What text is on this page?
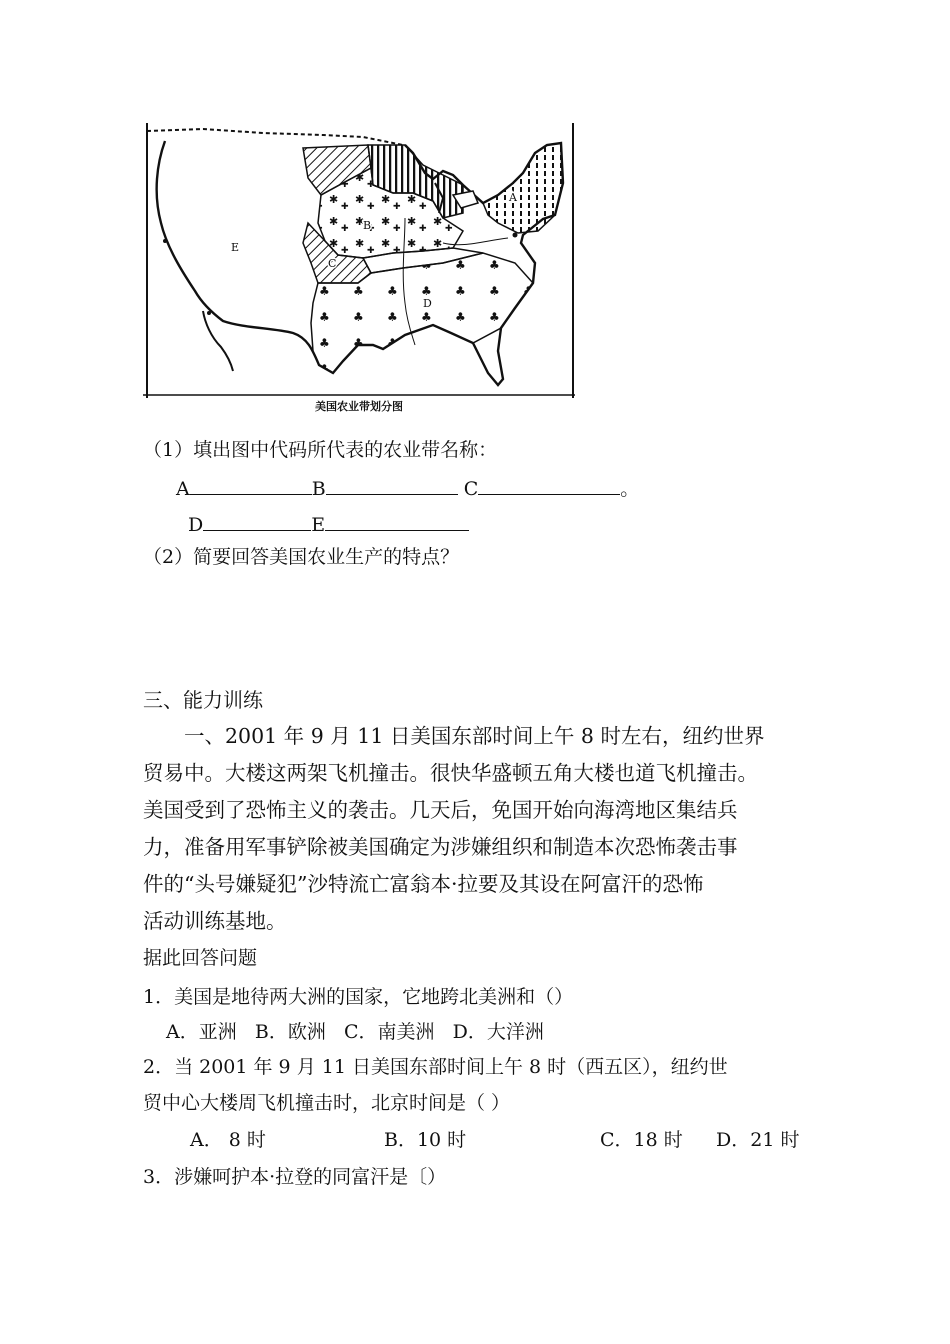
A
B
C
D
E
美国农业带划分图
（1）填出图中代码所代表的农业带名称：
A	B	C	。
D	E
（2）简要回答美国农业生产的特点？
三、能力训练
一、2001 年 9 月 11 日美国东部时间上午 8 时左右，纽约世界
贸易中。大楼这两架飞机撞击。很快华盛顿五角大楼也道飞机撞击。
美国受到了恐怖主义的袭击。几天后，免国开始向海湾地区集结兵
力，准备用军事铲除被美国确定为涉嫌组织和制造本次恐怖袭击事
件的“头号嫌疑犯”沙特流亡富翁本·拉要及其设在阿富汗的恐怖
活动训练基地。
据此回答问题
1．美国是地待两大洲的国家，它地跨北美洲和（）
A．亚洲 B．欧洲 C．南美洲 D．大洋洲
2．当 2001 年 9 月 11 日美国东部时间上午 8 时（西五区），纽约世
贸中心大楼周飞机撞击时，北京时间是（ ）
A． 8 时	B．10 时	C．18 时 D．21 时
3．涉嫌呵护本·拉登的同富汗是〔）
